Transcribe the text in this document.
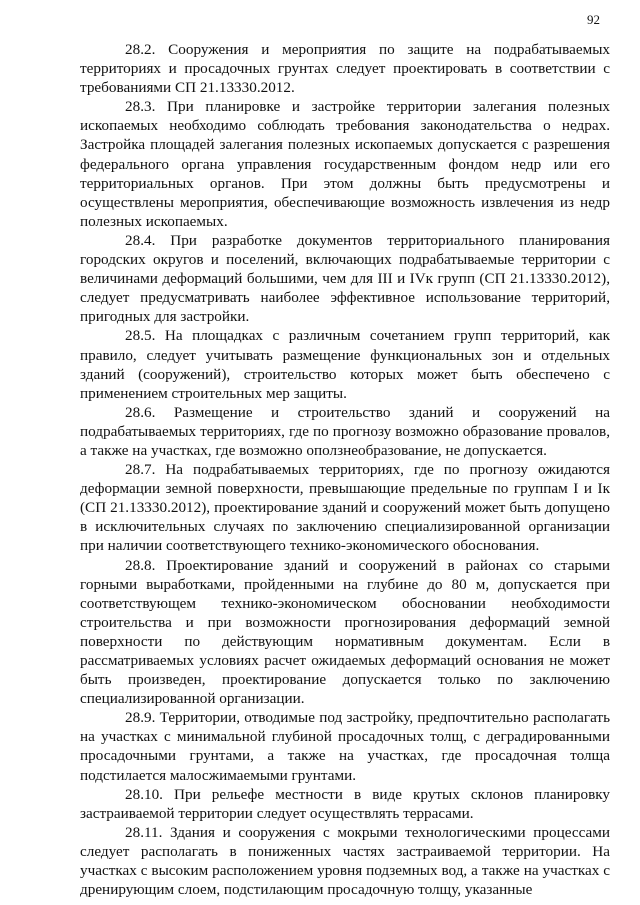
92

28.2. Сооружения и мероприятия по защите на подрабатываемых территориях и просадочных грунтах следует проектировать в соответствии с требованиями СП 21.13330.2012.

28.3. При планировке и застройке территории залегания полезных ископаемых необходимо соблюдать требования законодательства о недрах. Застройка площадей залегания полезных ископаемых допускается с разрешения федерального органа управления государственным фондом недр или его территориальных органов. При этом должны быть предусмотрены и осуществлены мероприятия, обеспечивающие возможность извлечения из недр полезных ископаемых.

28.4. При разработке документов территориального планирования городских округов и поселений, включающих подрабатываемые территории с величинами деформаций большими, чем для III и IVк групп (СП 21.13330.2012), следует предусматривать наиболее эффективное использование территорий, пригодных для застройки.

28.5. На площадках с различным сочетанием групп территорий, как правило, следует учитывать размещение функциональных зон и отдельных зданий (сооружений), строительство которых может быть обеспечено с применением строительных мер защиты.

28.6. Размещение и строительство зданий и сооружений на подрабатываемых территориях, где по прогнозу возможно образование провалов, а также на участках, где возможно оползнеобразование, не допускается.

28.7. На подрабатываемых территориях, где по прогнозу ожидаются деформации земной поверхности, превышающие предельные по группам I и Iк (СП 21.13330.2012), проектирование зданий и сооружений может быть допущено в исключительных случаях по заключению специализированной организации при наличии соответствующего технико-экономического обоснования.

28.8. Проектирование зданий и сооружений в районах со старыми горными выработками, пройденными на глубине до 80 м, допускается при соответствующем технико-экономическом обосновании необходимости строительства и при возможности прогнозирования деформаций земной поверхности по действующим нормативным документам. Если в рассматриваемых условиях расчет ожидаемых деформаций основания не может быть произведен, проектирование допускается только по заключению специализированной организации.

28.9. Территории, отводимые под застройку, предпочтительно располагать на участках с минимальной глубиной просадочных толщ, с деградированными просадочными грунтами, а также на участках, где просадочная толща подстилается малосжимаемыми грунтами.

28.10. При рельефе местности в виде крутых склонов планировку застраиваемой территории следует осуществлять террасами.

28.11. Здания и сооружения с мокрыми технологическими процессами следует располагать в пониженных частях застраиваемой территории. На участках с высоким расположением уровня подземных вод, а также на участках с дренирующим слоем, подстилающим просадочную толщу, указанные
